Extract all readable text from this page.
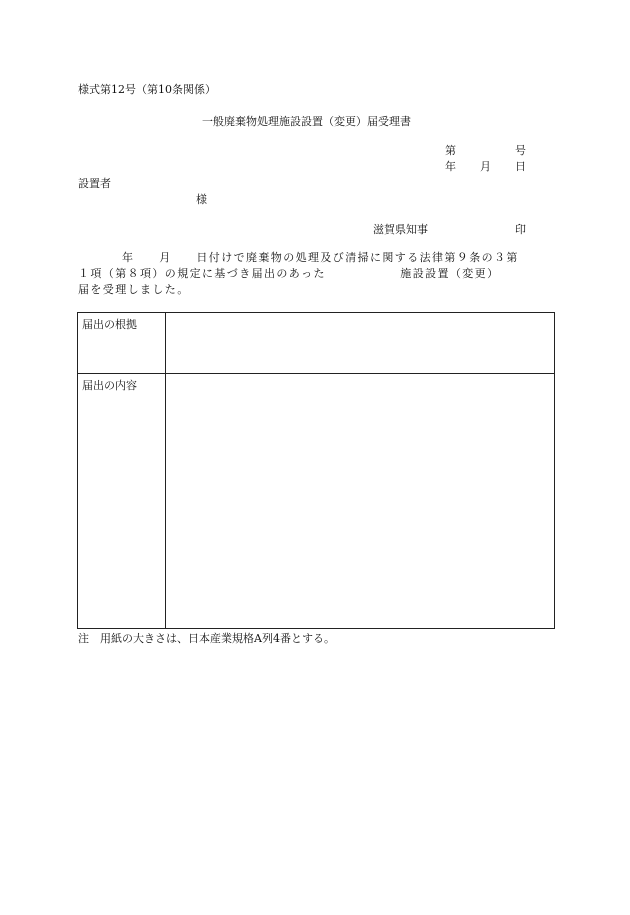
様式第12号（第10条関係）
一般廃棄物処理施設設置（変更）届受理書
第	号
年 月 日
設置者
様
滋賀県知事	印
年　　月　　日付けで廃棄物の処理及び清掃に関する法律第９条の３第
１項（第８項）の規定に基づき届出のあった　　　　　　施設設置（変更）
届を受理しました。
届出の根拠
届出の内容
注　用紙の大きさは、日本産業規格A列4番とする。
